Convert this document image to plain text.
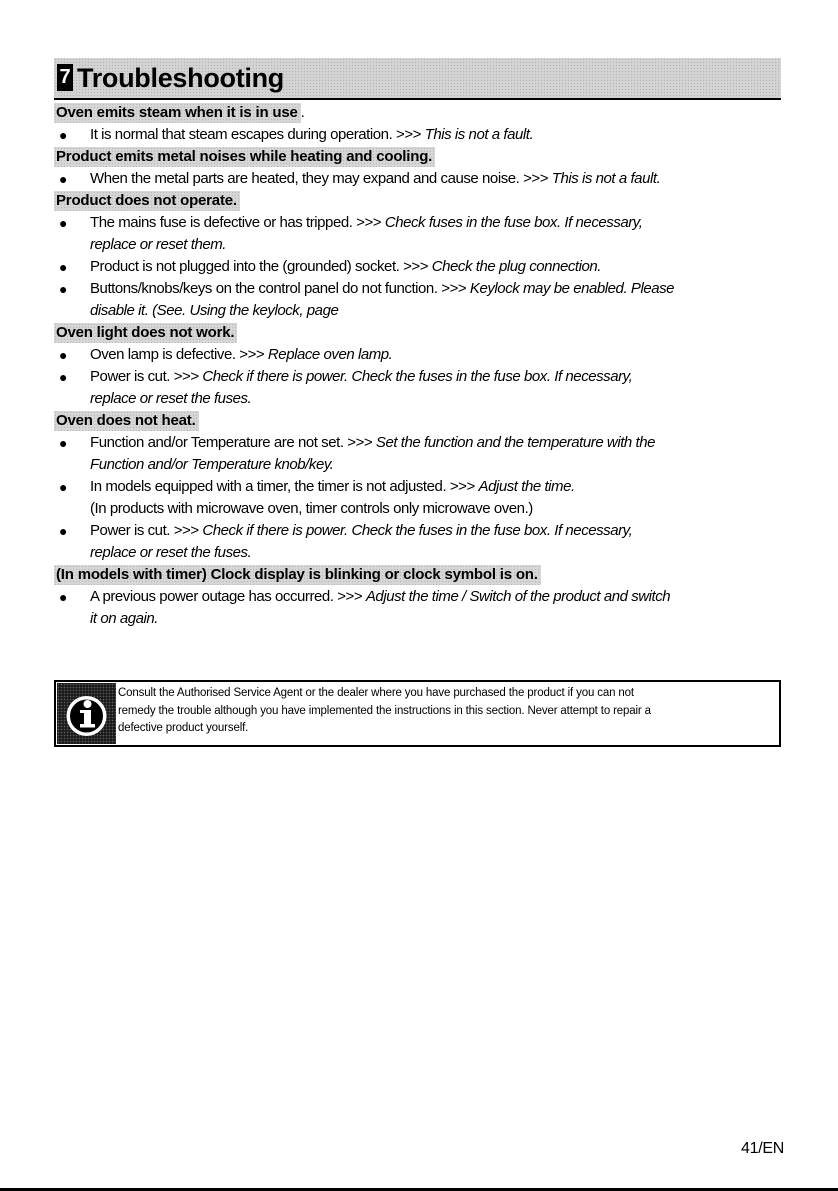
7 Troubleshooting
Oven emits steam when it is in use .
● It is normal that steam escapes during operation. >>> This is not a fault.
Product emits metal noises while heating and cooling.
● When the metal parts are heated, they may expand and cause noise. >>> This is not a fault.
Product does not operate.
● The mains fuse is defective or has tripped. >>> Check fuses in the fuse box. If necessary,
replace or reset them.
● Product is not plugged into the (grounded) socket. >>> Check the plug connection.
● Buttons/knobs/keys on the control panel do not function. >>> Keylock may be enabled. Please
disable it. (See. Using the keylock, page
Oven light does not work.
● Oven lamp is defective. >>> Replace oven lamp.
● Power is cut. >>> Check if there is power. Check the fuses in the fuse box. If necessary,
replace or reset the fuses.
Oven does not heat.
● Function and/or Temperature are not set. >>> Set the function and the temperature with the
Function and/or Temperature knob/key.
● In models equipped with a timer, the timer is not adjusted. >>> Adjust the time.
(In products with microwave oven, timer controls only microwave oven.)
● Power is cut. >>> Check if there is power. Check the fuses in the fuse box. If necessary,
replace or reset the fuses.
(In models with timer) Clock display is blinking or clock symbol is on.
● A previous power outage has occurred. >>> Adjust the time / Switch of the product and switch
it on again.
Consult the Authorised Service Agent or the dealer where you have purchased the product if you can not
remedy the trouble although you have implemented the instructions in this section. Never attempt to repair a
defective product yourself.
41/EN
